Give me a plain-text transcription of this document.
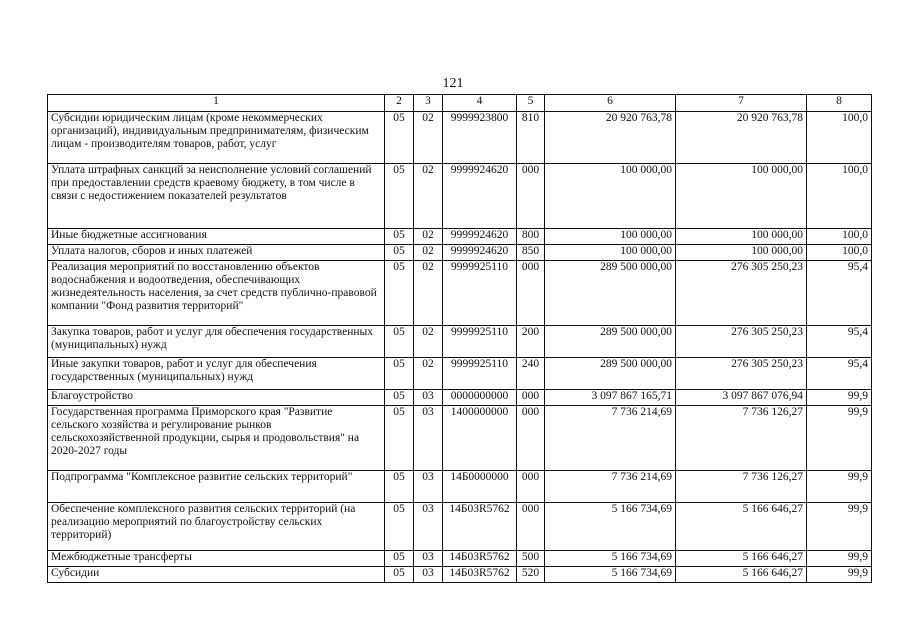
121
1	2	3	4	5	6	7	8
Субсидии юридическим лицам (кроме некоммерческих организаций), индивидуальным предпринимателям, физическим лицам - производителям товаров, работ, услуг	05	02	9999923800	810	20 920 763,78	20 920 763,78	100,0
Уплата штрафных санкций за неисполнение условий соглашений при предоставлении средств краевому бюджету, в том числе в связи с недостижением показателей результатов	05	02	9999924620	000	100 000,00	100 000,00	100,0
Иные бюджетные ассигнования	05	02	9999924620	800	100 000,00	100 000,00	100,0
Уплата налогов, сборов и иных платежей	05	02	9999924620	850	100 000,00	100 000,00	100,0
Реализация мероприятий по восстановлению объектов водоснабжения и водоотведения, обеспечивающих жизнедеятельность населения, за счет средств публично-правовой компании "Фонд развития территорий"	05	02	9999925110	000	289 500 000,00	276 305 250,23	95,4
Закупка товаров, работ и услуг для обеспечения государственных (муниципальных) нужд	05	02	9999925110	200	289 500 000,00	276 305 250,23	95,4
Иные закупки товаров, работ и услуг для обеспечения государственных (муниципальных) нужд	05	02	9999925110	240	289 500 000,00	276 305 250,23	95,4
Благоустройство	05	03	0000000000	000	3 097 867 165,71	3 097 867 076,94	99,9
Государственная программа Приморского края "Развитие сельского хозяйства и регулирование рынков сельскохозяйственной продукции, сырья и продовольствия" на 2020-2027 годы	05	03	1400000000	000	7 736 214,69	7 736 126,27	99,9
Подпрограмма "Комплексное развитие сельских территорий"	05	03	14Б0000000	000	7 736 214,69	7 736 126,27	99,9
Обеспечение комплексного развития сельских территорий (на реализацию мероприятий по благоустройству сельских территорий)	05	03	14Б03R5762	000	5 166 734,69	5 166 646,27	99,9
Межбюджетные трансферты	05	03	14Б03R5762	500	5 166 734,69	5 166 646,27	99,9
Субсидии	05	03	14Б03R5762	520	5 166 734,69	5 166 646,27	99,9
